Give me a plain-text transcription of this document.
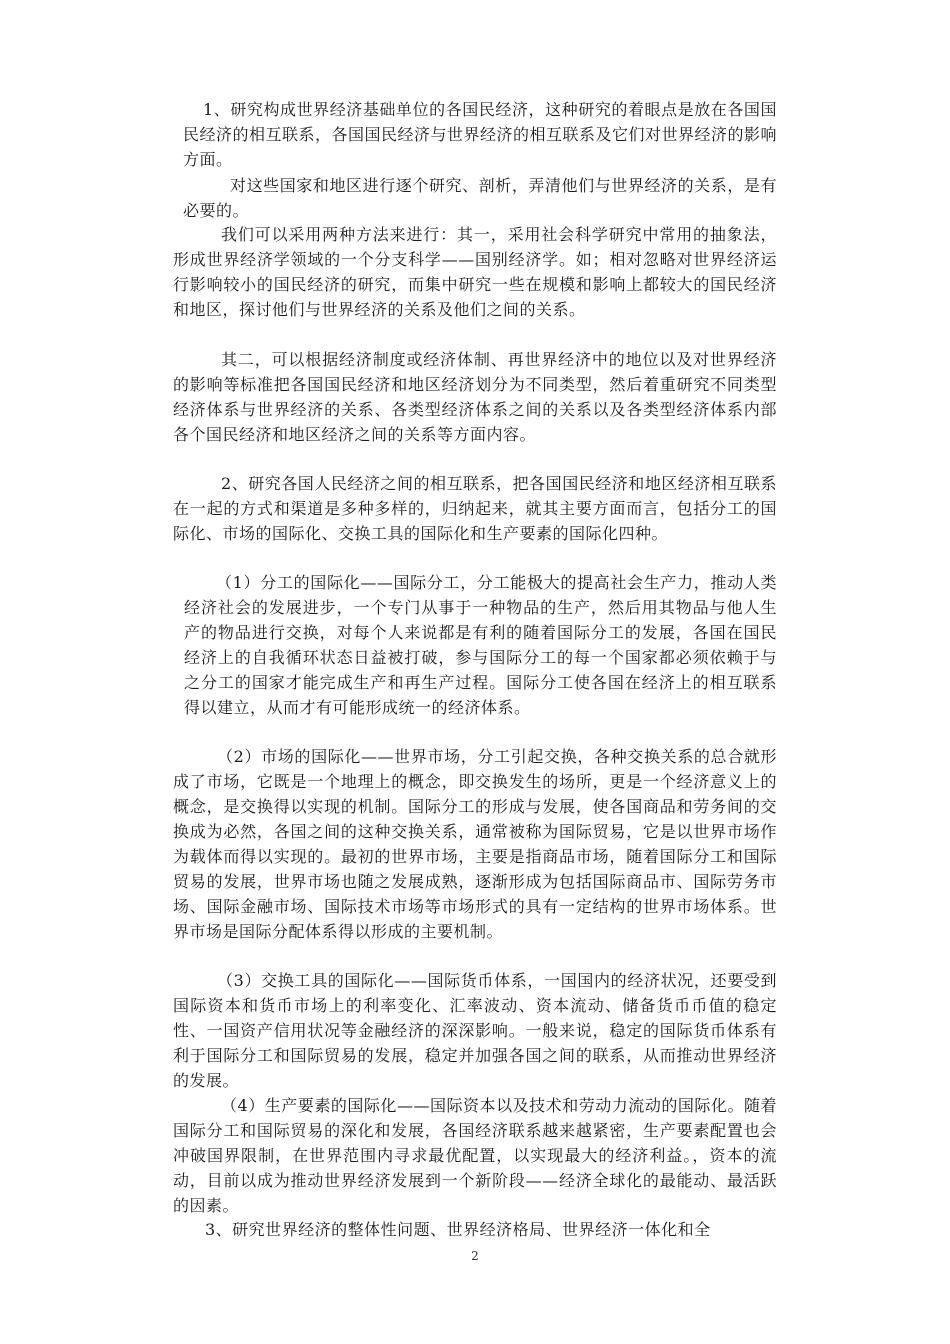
1、研究构成世界经济基础单位的各国民经济，这种研究的着眼点是放在各国国民经济的相互联系，各国国民经济与世界经济的相互联系及它们对世界经济的影响方面。

对这些国家和地区进行逐个研究、剖析，弄清他们与世界经济的关系，是有必要的。

我们可以采用两种方法来进行：其一，采用社会科学研究中常用的抽象法，形成世界经济学领域的一个分支科学——国别经济学。如；相对忽略对世界经济运行影响较小的国民经济的研究，而集中研究一些在规模和影响上都较大的国民经济和地区，探讨他们与世界经济的关系及他们之间的关系。

其二，可以根据经济制度或经济体制、再世界经济中的地位以及对世界经济的影响等标准把各国国民经济和地区经济划分为不同类型，然后着重研究不同类型经济体系与世界经济的关系、各类型经济体系之间的关系以及各类型经济体系内部各个国民经济和地区经济之间的关系等方面内容。

2、研究各国人民经济之间的相互联系，把各国国民经济和地区经济相互联系在一起的方式和渠道是多种多样的，归纳起来，就其主要方面而言，包括分工的国际化、市场的国际化、交换工具的国际化和生产要素的国际化四种。

（1）分工的国际化——国际分工，分工能极大的提高社会生产力，推动人类经济社会的发展进步，一个专门从事于一种物品的生产，然后用其物品与他人生产的物品进行交换，对每个人来说都是有利的随着国际分工的发展，各国在国民经济上的自我循环状态日益被打破，参与国际分工的每一个国家都必须依赖于与之分工的国家才能完成生产和再生产过程。国际分工使各国在经济上的相互联系得以建立，从而才有可能形成统一的经济体系。

（2）市场的国际化——世界市场，分工引起交换，各种交换关系的总合就形成了市场，它既是一个地理上的概念，即交换发生的场所，更是一个经济意义上的概念，是交换得以实现的机制。国际分工的形成与发展，使各国商品和劳务间的交换成为必然，各国之间的这种交换关系，通常被称为国际贸易，它是以世界市场作为载体而得以实现的。最初的世界市场，主要是指商品市场，随着国际分工和国际贸易的发展，世界市场也随之发展成熟，逐渐形成为包括国际商品市、国际劳务市场、国际金融市场、国际技术市场等市场形式的具有一定结构的世界市场体系。世界市场是国际分配体系得以形成的主要机制。

（3）交换工具的国际化——国际货币体系，一国国内的经济状况，还要受到国际资本和货币市场上的利率变化、汇率波动、资本流动、储备货币币值的稳定性、一国资产信用状况等金融经济的深深影响。一般来说，稳定的国际货币体系有利于国际分工和国际贸易的发展，稳定并加强各国之间的联系，从而推动世界经济的发展。

（4）生产要素的国际化——国际资本以及技术和劳动力流动的国际化。随着国际分工和国际贸易的深化和发展，各国经济联系越来越紧密，生产要素配置也会冲破国界限制，在世界范围内寻求最优配置，以实现最大的经济利益。，资本的流动，目前以成为推动世界经济发展到一个新阶段——经济全球化的最能动、最活跃的因素。

3、研究世界经济的整体性问题、世界经济格局、世界经济一体化和全

2
